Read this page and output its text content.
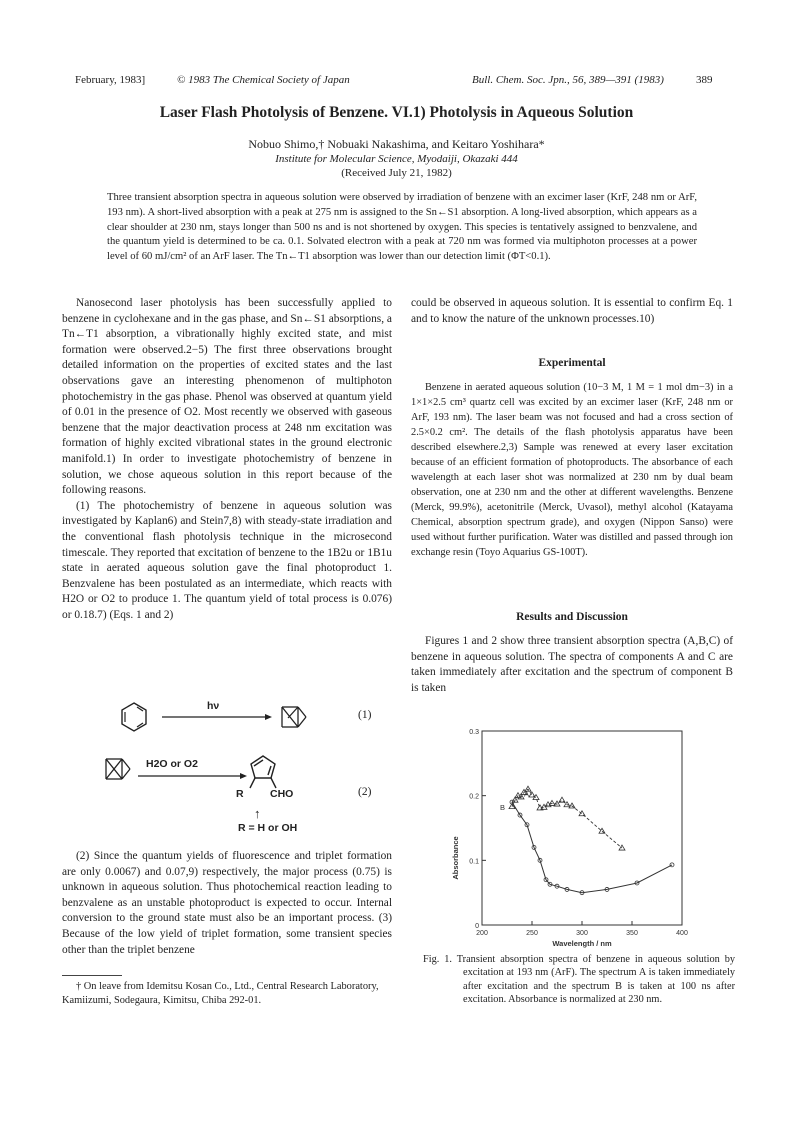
February, 1983]	© 1983 The Chemical Society of Japan	Bull. Chem. Soc. Jpn., 56, 389—391 (1983)	389
Laser Flash Photolysis of Benzene. VI.1) Photolysis in Aqueous Solution
Nobuo Shimo,† Nobuaki Nakashima, and Keitaro Yoshihara*
Institute for Molecular Science, Myodaiji, Okazaki 444
(Received July 21, 1982)
Three transient absorption spectra in aqueous solution were observed by irradiation of benzene with an excimer laser (KrF, 248 nm or ArF, 193 nm). A short-lived absorption with a peak at 275 nm is assigned to the Sn←S1 absorption. A long-lived absorption, which appears as a clear shoulder at 230 nm, stays longer than 500 ns and is not shortened by oxygen. This species is tentatively assigned to benzvalene, and the quantum yield is determined to be ca. 0.1. Solvated electron with a peak at 720 nm was formed via multiphoton processes at a power level of 60 mJ/cm² of an ArF laser. The Tn←T1 absorption was lower than our detection limit (ΦT<0.1).

Nanosecond laser photolysis has been successfully applied to benzene in cyclohexane and in the gas phase, and Sn←S1 absorptions, a Tn←T1 absorption, a vibrationally highly excited state, and mist formation were observed.2−5) The first three observations brought detailed information on the properties of excited states and the last observations gave an interesting phenomenon of multiphoton photochemistry in the gas phase. Phenol was observed at quantum yield of 0.01 in the presence of O2. Most recently we observed with gaseous benzene that the major deactivation process at 248 nm excitation was formation of highly excited vibrational states in the ground electronic manifold.1) In order to investigate photochemistry of benzene in solution, we chose aqueous solution in this report because of the following reasons.

(1) The photochemistry of benzene in aqueous solution was investigated by Kaplan6) and Stein7,8) with steady-state irradiation and the conventional flash photolysis technique in the microsecond timescale. They reported that excitation of benzene to the 1B2u or 1B1u state in aerated aqueous solution gave the final photoproduct 1. Benzvalene has been postulated as an intermediate, which reacts with H2O or O2 to produce 1. The quantum yield of total process is 0.076) or 0.18.7) (Eqs. 1 and 2)

hν
(1)
H2O or O2
R	CHO	(2)
↑
R = H or OH

(2) Since the quantum yields of fluorescence and triplet formation are only 0.0067) and 0.07,9) respectively, the major process (0.75) is unknown in aqueous solution. Thus photochemical reaction leading to benzvalene as an unstable photoproduct is expected to occur. Internal conversion to the ground state must also be an important process. (3) Because of the low yield of triplet formation, some transient species other than the triplet benzene

† On leave from Idemitsu Kosan Co., Ltd., Central Research Laboratory, Kamiizumi, Sodegaura, Kimitsu, Chiba 292-01.

could be observed in aqueous solution. It is essential to confirm Eq. 1 and to know the nature of the unknown processes.10)

Experimental

Benzene in aerated aqueous solution (10−3 M, 1 M = 1 mol dm−3) in a 1×1×2.5 cm³ quartz cell was excited by an excimer laser (KrF, 248 nm or ArF, 193 nm). The laser beam was not focused and had a cross section of 2.5×0.2 cm². The details of the flash photolysis apparatus have been described elsewhere.2,3) Sample was renewed at every laser excitation because of an efficient formation of photoproducts. The absorbance of each wavelength at each laser shot was normalized at 230 nm by dual beam observation, one at 230 nm and the other at different wavelengths. Benzene (Merck, 99.9%), acetonitrile (Merck, Uvasol), methyl alcohol (Katayama Chemical, absorption spectrum grade), and oxygen (Nippon Sanso) were used without further purification. Water was distilled and passed through ion exchange resin (Toyo Aquarius GS-100T).

Results and Discussion

Figures 1 and 2 show three transient absorption spectra (A,B,C) of benzene in aqueous solution. The spectra of components A and C are taken immediately after excitation and the spectrum of component B is taken

200	250	300	350	400
0
0.1
0.2
0.3
Wavelength / nm
Absorbance
A
B
Fig. 1. Transient absorption spectra of benzene in aqueous solution by excitation at 193 nm (ArF). The spectrum A is taken immediately after excitation and the spectrum B is taken at 100 ns after excitation. Absorbance is normalized at 230 nm.
